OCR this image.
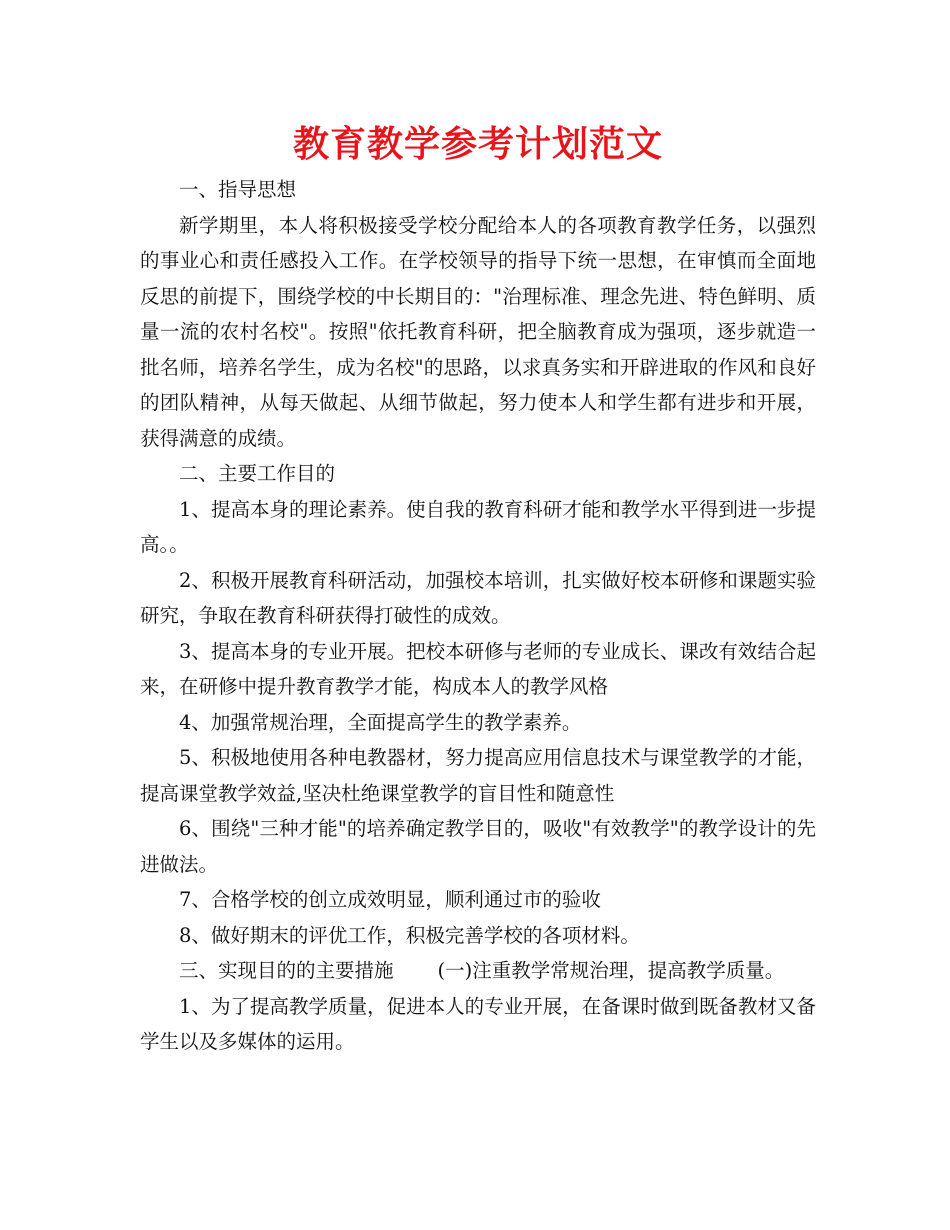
教育教学参考计划范文

一、指导思想

新学期里，本人将积极接受学校分配给本人的各项教育教学任务，以强烈的事业心和责任感投入工作。在学校领导的指导下统一思想，在审慎而全面地反思的前提下，围绕学校的中长期目的："治理标准、理念先进、特色鲜明、质量一流的农村名校"。按照"依托教育科研，把全脑教育成为强项，逐步就造一批名师，培养名学生，成为名校"的思路，以求真务实和开辟进取的作风和良好的团队精神，从每天做起、从细节做起，努力使本人和学生都有进步和开展，获得满意的成绩。

二、主要工作目的

1、提高本身的理论素养。使自我的教育科研才能和教学水平得到进一步提高。。

2、积极开展教育科研活动，加强校本培训，扎实做好校本研修和课题实验研究，争取在教育科研获得打破性的成效。

3、提高本身的专业开展。把校本研修与老师的专业成长、课改有效结合起来，在研修中提升教育教学才能，构成本人的教学风格

4、加强常规治理，全面提高学生的教学素养。

5、积极地使用各种电教器材，努力提高应用信息技术与课堂教学的才能，提高课堂教学效益,坚决杜绝课堂教学的盲目性和随意性

6、围绕"三种才能"的培养确定教学目的，吸收"有效教学"的教学设计的先进做法。

7、合格学校的创立成效明显，顺利通过市的验收

8、做好期末的评优工作，积极完善学校的各项材料。

三、实现目的的主要措施 (一)注重教学常规治理，提高教学质量。

1、为了提高教学质量，促进本人的专业开展，在备课时做到既备教材又备学生以及多媒体的运用。
